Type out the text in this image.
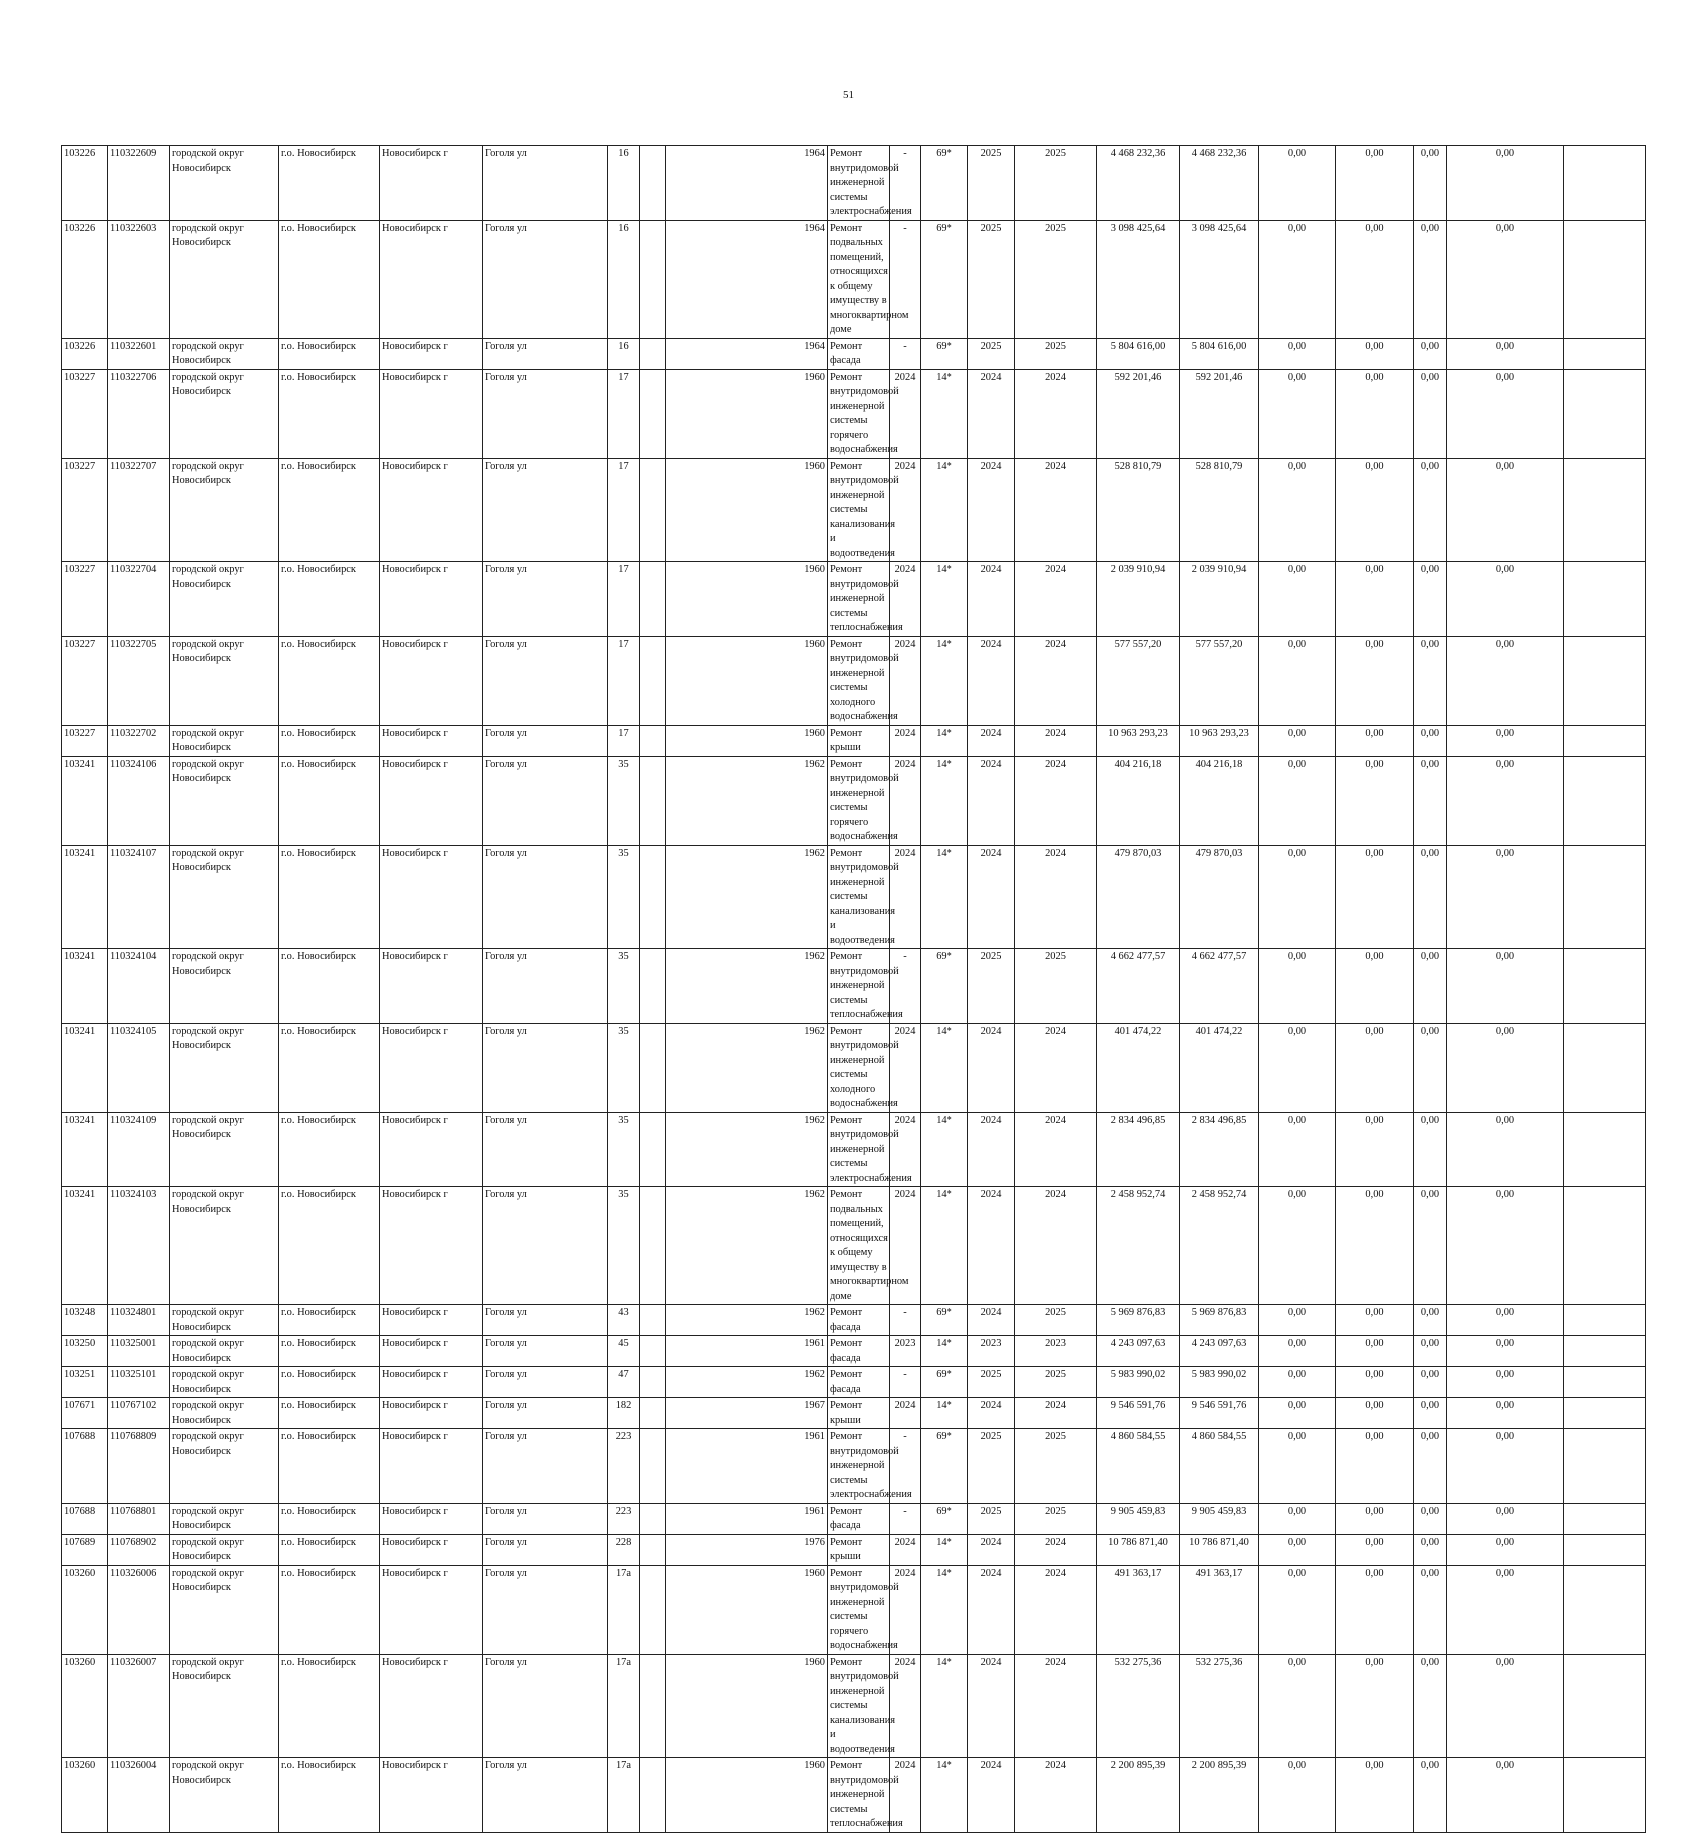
51
103226	110322609	городской округ Новосибирск	г.о. Новосибирск	Новосибирск г	Гоголя ул	16		1964	Ремонт внутридомовой инженерной системы электроснабжения	-	69*	2025	2025	4 468 232,36	4 468 232,36	0,00	0,00	0,00	0,00	
103226	110322603	городской округ Новосибирск	г.о. Новосибирск	Новосибирск г	Гоголя ул	16		1964	Ремонт подвальных помещений, относящихся к общему имуществу в многоквартирном доме	-	69*	2025	2025	3 098 425,64	3 098 425,64	0,00	0,00	0,00	0,00	
103226	110322601	городской округ Новосибирск	г.о. Новосибирск	Новосибирск г	Гоголя ул	16		1964	Ремонт фасада	-	69*	2025	2025	5 804 616,00	5 804 616,00	0,00	0,00	0,00	0,00	
103227	110322706	городской округ Новосибирск	г.о. Новосибирск	Новосибирск г	Гоголя ул	17		1960	Ремонт внутридомовой инженерной системы горячего водоснабжения	2024	14*	2024	2024	592 201,46	592 201,46	0,00	0,00	0,00	0,00	
103227	110322707	городской округ Новосибирск	г.о. Новосибирск	Новосибирск г	Гоголя ул	17		1960	Ремонт внутридомовой инженерной системы канализования и водоотведения	2024	14*	2024	2024	528 810,79	528 810,79	0,00	0,00	0,00	0,00	
103227	110322704	городской округ Новосибирск	г.о. Новосибирск	Новосибирск г	Гоголя ул	17		1960	Ремонт внутридомовой инженерной системы теплоснабжения	2024	14*	2024	2024	2 039 910,94	2 039 910,94	0,00	0,00	0,00	0,00	
103227	110322705	городской округ Новосибирск	г.о. Новосибирск	Новосибирск г	Гоголя ул	17		1960	Ремонт внутридомовой инженерной системы холодного водоснабжения	2024	14*	2024	2024	577 557,20	577 557,20	0,00	0,00	0,00	0,00	
103227	110322702	городской округ Новосибирск	г.о. Новосибирск	Новосибирск г	Гоголя ул	17		1960	Ремонт крыши	2024	14*	2024	2024	10 963 293,23	10 963 293,23	0,00	0,00	0,00	0,00	
103241	110324106	городской округ Новосибирск	г.о. Новосибирск	Новосибирск г	Гоголя ул	35		1962	Ремонт внутридомовой инженерной системы горячего водоснабжения	2024	14*	2024	2024	404 216,18	404 216,18	0,00	0,00	0,00	0,00	
103241	110324107	городской округ Новосибирск	г.о. Новосибирск	Новосибирск г	Гоголя ул	35		1962	Ремонт внутридомовой инженерной системы канализования и водоотведения	2024	14*	2024	2024	479 870,03	479 870,03	0,00	0,00	0,00	0,00	
103241	110324104	городской округ Новосибирск	г.о. Новосибирск	Новосибирск г	Гоголя ул	35		1962	Ремонт внутридомовой инженерной системы теплоснабжения	-	69*	2025	2025	4 662 477,57	4 662 477,57	0,00	0,00	0,00	0,00	
103241	110324105	городской округ Новосибирск	г.о. Новосибирск	Новосибирск г	Гоголя ул	35		1962	Ремонт внутридомовой инженерной системы холодного водоснабжения	2024	14*	2024	2024	401 474,22	401 474,22	0,00	0,00	0,00	0,00	
103241	110324109	городской округ Новосибирск	г.о. Новосибирск	Новосибирск г	Гоголя ул	35		1962	Ремонт внутридомовой инженерной системы электроснабжения	2024	14*	2024	2024	2 834 496,85	2 834 496,85	0,00	0,00	0,00	0,00	
103241	110324103	городской округ Новосибирск	г.о. Новосибирск	Новосибирск г	Гоголя ул	35		1962	Ремонт подвальных помещений, относящихся к общему имуществу в многоквартирном доме	2024	14*	2024	2024	2 458 952,74	2 458 952,74	0,00	0,00	0,00	0,00	
103248	110324801	городской округ Новосибирск	г.о. Новосибирск	Новосибирск г	Гоголя ул	43		1962	Ремонт фасада	-	69*	2024	2025	5 969 876,83	5 969 876,83	0,00	0,00	0,00	0,00	
103250	110325001	городской округ Новосибирск	г.о. Новосибирск	Новосибирск г	Гоголя ул	45		1961	Ремонт фасада	2023	14*	2023	2023	4 243 097,63	4 243 097,63	0,00	0,00	0,00	0,00	
103251	110325101	городской округ Новосибирск	г.о. Новосибирск	Новосибирск г	Гоголя ул	47		1962	Ремонт фасада	-	69*	2025	2025	5 983 990,02	5 983 990,02	0,00	0,00	0,00	0,00	
107671	110767102	городской округ Новосибирск	г.о. Новосибирск	Новосибирск г	Гоголя ул	182		1967	Ремонт крыши	2024	14*	2024	2024	9 546 591,76	9 546 591,76	0,00	0,00	0,00	0,00	
107688	110768809	городской округ Новосибирск	г.о. Новосибирск	Новосибирск г	Гоголя ул	223		1961	Ремонт внутридомовой инженерной системы электроснабжения	-	69*	2025	2025	4 860 584,55	4 860 584,55	0,00	0,00	0,00	0,00	
107688	110768801	городской округ Новосибирск	г.о. Новосибирск	Новосибирск г	Гоголя ул	223		1961	Ремонт фасада	-	69*	2025	2025	9 905 459,83	9 905 459,83	0,00	0,00	0,00	0,00	
107689	110768902	городской округ Новосибирск	г.о. Новосибирск	Новосибирск г	Гоголя ул	228		1976	Ремонт крыши	2024	14*	2024	2024	10 786 871,40	10 786 871,40	0,00	0,00	0,00	0,00	
103260	110326006	городской округ Новосибирск	г.о. Новосибирск	Новосибирск г	Гоголя ул	17а		1960	Ремонт внутридомовой инженерной системы горячего водоснабжения	2024	14*	2024	2024	491 363,17	491 363,17	0,00	0,00	0,00	0,00	
103260	110326007	городской округ Новосибирск	г.о. Новосибирск	Новосибирск г	Гоголя ул	17а		1960	Ремонт внутридомовой инженерной системы канализования и водоотведения	2024	14*	2024	2024	532 275,36	532 275,36	0,00	0,00	0,00	0,00	
103260	110326004	городской округ Новосибирск	г.о. Новосибирск	Новосибирск г	Гоголя ул	17а		1960	Ремонт внутридомовой инженерной системы теплоснабжения	2024	14*	2024	2024	2 200 895,39	2 200 895,39	0,00	0,00	0,00	0,00	
